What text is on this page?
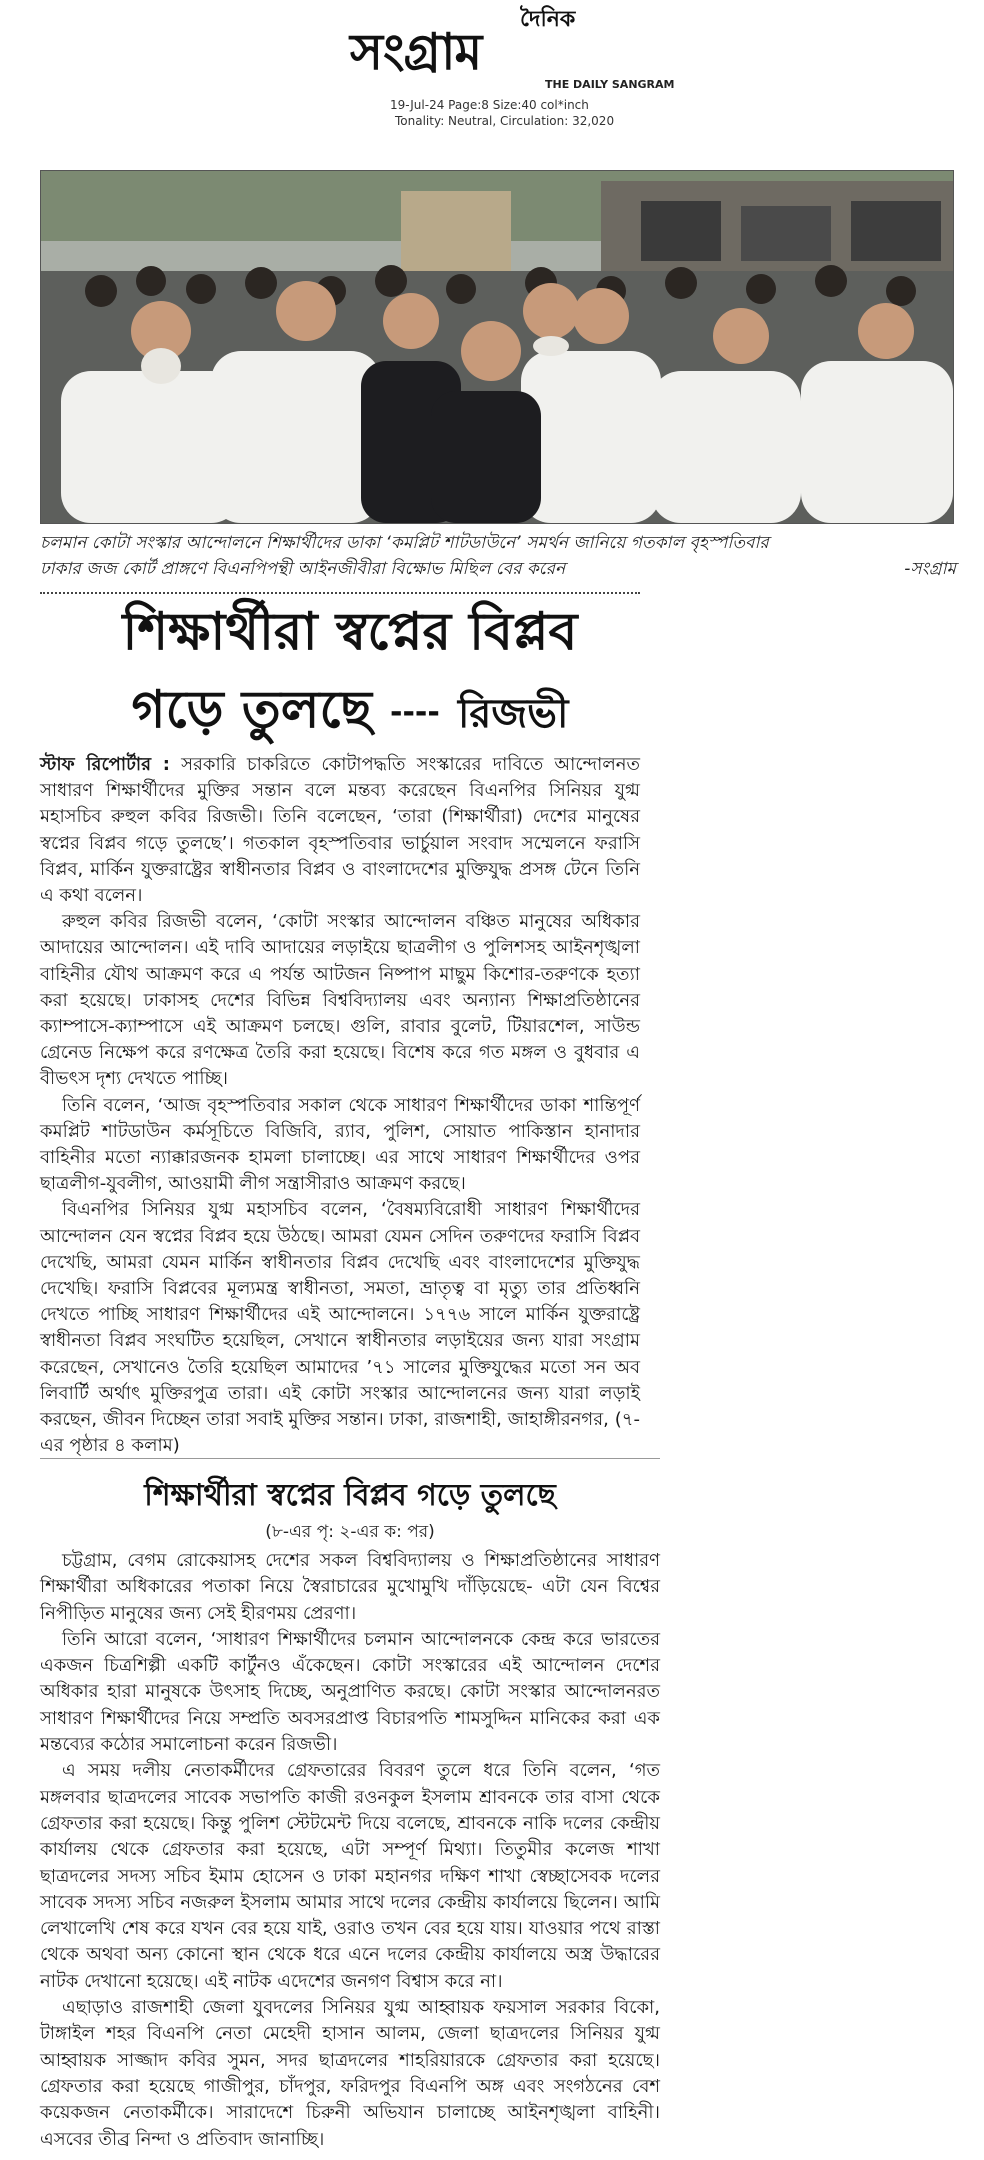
দৈনিক
সংগ্রাম
THE DAILY SANGRAM
19-Jul-24 Page:8 Size:40 col*inch
Tonality: Neutral, Circulation: 32,020
চলমান কোটা সংস্কার আন্দোলনে শিক্ষার্থীদের ডাকা ‘কমপ্লিট শাটডাউনে’ সমর্থন জানিয়ে গতকাল বৃহস্পতিবার
ঢাকার জজ কোর্ট প্রাঙ্গণে বিএনপিপন্থী আইনজীবীরা বিক্ষোভ মিছিল বের করেন	-সংগ্রাম
শিক্ষার্থীরা স্বপ্নের বিপ্লব
গড়ে তুলছে ---- রিজভী

স্টাফ রিপোর্টার : সরকারি চাকরিতে কোটাপদ্ধতি সংস্কারের দাবিতে আন্দোলনত সাধারণ শিক্ষার্থীদের মুক্তির সন্তান বলে মন্তব্য করেছেন বিএনপির সিনিয়র যুগ্ম মহাসচিব রুহুল কবির রিজভী। তিনি বলেছেন, ‘তারা (শিক্ষার্থীরা) দেশের মানুষের স্বপ্নের বিপ্লব গড়ে তুলছে’। গতকাল বৃহস্পতিবার ভার্চুয়াল সংবাদ সম্মেলনে ফরাসি বিপ্লব, মার্কিন যুক্তরাষ্ট্রের স্বাধীনতার বিপ্লব ও বাংলাদেশের মুক্তিযুদ্ধ প্রসঙ্গ টেনে তিনি এ কথা বলেন।

রুহুল কবির রিজভী বলেন, ‘কোটা সংস্কার আন্দোলন বঞ্চিত মানুষের অধিকার আদায়ের আন্দোলন। এই দাবি আদায়ের লড়াইয়ে ছাত্রলীগ ও পুলিশসহ আইনশৃঙ্খলা বাহিনীর যৌথ আক্রমণ করে এ পর্যন্ত আটজন নিষ্পাপ মাছুম কিশোর-তরুণকে হত্যা করা হয়েছে। ঢাকাসহ দেশের বিভিন্ন বিশ্ববিদ্যালয় এবং অন্যান্য শিক্ষাপ্রতিষ্ঠানের ক্যাম্পাসে-ক্যাম্পাসে এই আক্রমণ চলছে। গুলি, রাবার বুলেট, টিয়ারশেল, সাউন্ড গ্রেনেড নিক্ষেপ করে রণক্ষেত্র তৈরি করা হয়েছে। বিশেষ করে গত মঙ্গল ও বুধবার এ বীভৎস দৃশ্য দেখতে পাচ্ছি।

তিনি বলেন, ‘আজ বৃহস্পতিবার সকাল থেকে সাধারণ শিক্ষার্থীদের ডাকা শান্তিপূর্ণ কমপ্লিট শাটডাউন কর্মসূচিতে বিজিবি, র‌্যাব, পুলিশ, সোয়াত পাকিস্তান হানাদার বাহিনীর মতো ন্যাক্কারজনক হামলা চালাচ্ছে। এর সাথে সাধারণ শিক্ষার্থীদের ওপর ছাত্রলীগ-যুবলীগ, আওয়ামী লীগ সন্ত্রাসীরাও আক্রমণ করছে।

বিএনপির সিনিয়র যুগ্ম মহাসচিব বলেন, ‘বৈষম্যবিরোধী সাধারণ শিক্ষার্থীদের আন্দোলন যেন স্বপ্নের বিপ্লব হয়ে উঠছে। আমরা যেমন সেদিন তরুণদের ফরাসি বিপ্লব দেখেছি, আমরা যেমন মার্কিন স্বাধীনতার বিপ্লব দেখেছি এবং বাংলাদেশের মুক্তিযুদ্ধ দেখেছি। ফরাসি বিপ্লবের মূল্যমন্ত্র স্বাধীনতা, সমতা, ভ্রাতৃত্ব বা মৃত্যু তার প্রতিধ্বনি দেখতে পাচ্ছি সাধারণ শিক্ষার্থীদের এই আন্দোলনে। ১৭৭৬ সালে মার্কিন যুক্তরাষ্ট্রে স্বাধীনতা বিপ্লব সংঘটিত হয়েছিল, সেখানে স্বাধীনতার লড়াইয়ের জন্য যারা সংগ্রাম করেছেন, সেখানেও তৈরি হয়েছিল আমাদের ’৭১ সালের মুক্তিযুদ্ধের মতো সন অব লিবার্টি অর্থাৎ মুক্তিরপুত্র তারা। এই কোটা সংস্কার আন্দোলনের জন্য যারা লড়াই করছেন, জীবন দিচ্ছেন তারা সবাই মুক্তির সন্তান। ঢাকা, রাজশাহী, জাহাঙ্গীরনগর, (৭-এর পৃষ্ঠার ৪ কলাম)

শিক্ষার্থীরা স্বপ্নের বিপ্লব গড়ে তুলছে
(৮-এর পৃ: ২-এর ক: পর)

চট্টগ্রাম, বেগম রোকেয়াসহ দেশের সকল বিশ্ববিদ্যালয় ও শিক্ষাপ্রতিষ্ঠানের সাধারণ শিক্ষার্থীরা অধিকারের পতাকা নিয়ে স্বৈরাচারের মুখোমুখি দাঁড়িয়েছে- এটা যেন বিশ্বের নিপীড়িত মানুষের জন্য সেই হীরণময় প্রেরণা।

তিনি আরো বলেন, ‘সাধারণ শিক্ষার্থীদের চলমান আন্দোলনকে কেন্দ্র করে ভারতের একজন চিত্রশিল্পী একটি কার্টুনও এঁকেছেন। কোটা সংস্কারের এই আন্দোলন দেশের অধিকার হারা মানুষকে উৎসাহ দিচ্ছে, অনুপ্রাণিত করছে। কোটা সংস্কার আন্দোলনরত সাধারণ শিক্ষার্থীদের নিয়ে সম্প্রতি অবসরপ্রাপ্ত বিচারপতি শামসুদ্দিন মানিকের করা এক মন্তব্যের কঠোর সমালোচনা করেন রিজভী।

এ সময় দলীয় নেতাকর্মীদের গ্রেফতারের বিবরণ তুলে ধরে তিনি বলেন, ‘গত মঙ্গলবার ছাত্রদলের সাবেক সভাপতি কাজী রওনকুল ইসলাম শ্রাবনকে তার বাসা থেকে গ্রেফতার করা হয়েছে। কিন্তু পুলিশ স্টেটমেন্ট দিয়ে বলেছে, শ্রাবনকে নাকি দলের কেন্দ্রীয় কার্যালয় থেকে গ্রেফতার করা হয়েছে, এটা সম্পূর্ণ মিথ্যা। তিতুমীর কলেজ শাখা ছাত্রদলের সদস্য সচিব ইমাম হোসেন ও ঢাকা মহানগর দক্ষিণ শাখা স্বেচ্ছাসেবক দলের সাবেক সদস্য সচিব নজরুল ইসলাম আমার সাথে দলের কেন্দ্রীয় কার্যালয়ে ছিলেন। আমি লেখালেখি শেষ করে যখন বের হয়ে যাই, ওরাও তখন বের হয়ে যায়। যাওয়ার পথে রাস্তা থেকে অথবা অন্য কোনো স্থান থেকে ধরে এনে দলের কেন্দ্রীয় কার্যালয়ে অস্ত্র উদ্ধারের নাটক দেখানো হয়েছে। এই নাটক এদেশের জনগণ বিশ্বাস করে না।

এছাড়াও রাজশাহী জেলা যুবদলের সিনিয়র যুগ্ম আহ্বায়ক ফয়সাল সরকার বিকো, টাঙ্গাইল শহর বিএনপি নেতা মেহেদী হাসান আলম, জেলা ছাত্রদলের সিনিয়র যুগ্ম আহ্বায়ক সাজ্জাদ কবির সুমন, সদর ছাত্রদলের শাহরিয়ারকে গ্রেফতার করা হয়েছে। গ্রেফতার করা হয়েছে গাজীপুর, চাঁদপুর, ফরিদপুর বিএনপি অঙ্গ এবং সংগঠনের বেশ কয়েকজন নেতাকর্মীকে। সারাদেশে চিরুনী অভিযান চালাচ্ছে আইনশৃঙ্খলা বাহিনী। এসবের তীব্র নিন্দা ও প্রতিবাদ জানাচ্ছি।
